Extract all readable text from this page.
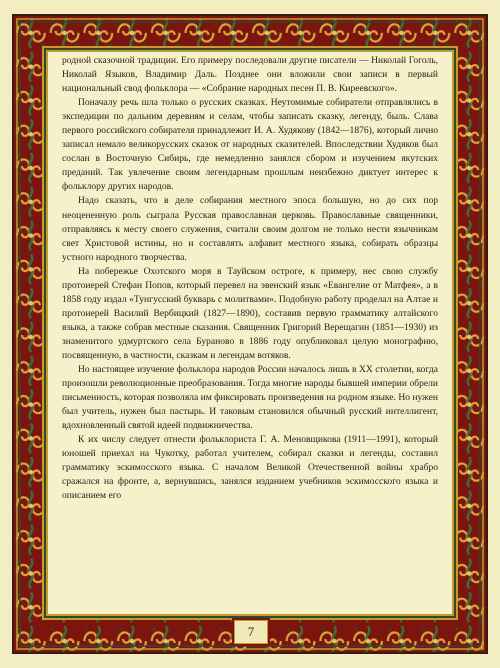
родной сказочной традиции. Его примеру последовали другие писатели — Николай Гоголь, Николай Языков, Владимир Даль. Позднее они вложили свои записи в первый национальный свод фольклора — «Собрание народных песен П. В. Киреевского».

Поначалу речь шла только о русских сказках. Неутомимые собиратели отправлялись в экспедиции по дальним деревням и селам, чтобы записать сказку, легенду, быль. Слава первого российского собирателя принадлежит И. А. Худякову (1842—1876), который лично записал немало великорусских сказок от народных сказителей. Впоследствии Худяков был сослан в Восточную Сибирь, где немедленно занялся сбором и изучением якутских преданий. Так увлечение своим легендарным прошлым неизбежно диктует интерес к фольклору других народов.

Надо сказать, что в деле собирания местного эпоса большую, но до сих пор неоцененную роль сыграла Русская православная церковь. Православные священники, отправляясь к месту своего служения, считали своим долгом не только нести язычникам свет Христовой истины, но и составлять алфавит местного языка, собирать образцы устного народного творчества.

На побережье Охотского моря в Тауйском остроге, к примеру, нес свою службу протоиерей Стефан Попов, который перевел на эвенский язык «Евангелие от Матфея», а в 1858 году издал «Тунгусский букварь с молитвами». Подобную работу проделал на Алтае и протоиерей Василий Вербицкий (1827—1890), составив первую грамматику алтайского языка, а также собрав местные сказания. Священник Григорий Верещагин (1851—1930) из знаменитого удмуртского села Бураново в 1886 году опубликовал целую монографию, посвященную, в частности, сказкам и легендам вотяков.

Но настоящее изучение фольклора народов России началось лишь в XX столетии, когда произошли революционные преобразования. Тогда многие народы бывшей империи обрели письменность, которая позволяла им фиксировать произведения на родном языке. Но нужен был учитель, нужен был пастырь. И таковым становился обычный русский интеллигент, вдохновленный святой идеей подвижничества.

К их числу следует отнести фольклориста Г. А. Меновщикова (1911—1991), который юношей приехал на Чукотку, работал учителем, собирал сказки и легенды, составил грамматику эскимосского языка. С началом Великой Отечественной войны храбро сражался на фронте, а, вернувшись, занялся изданием учебников эскимосского языка и описанием его

7
